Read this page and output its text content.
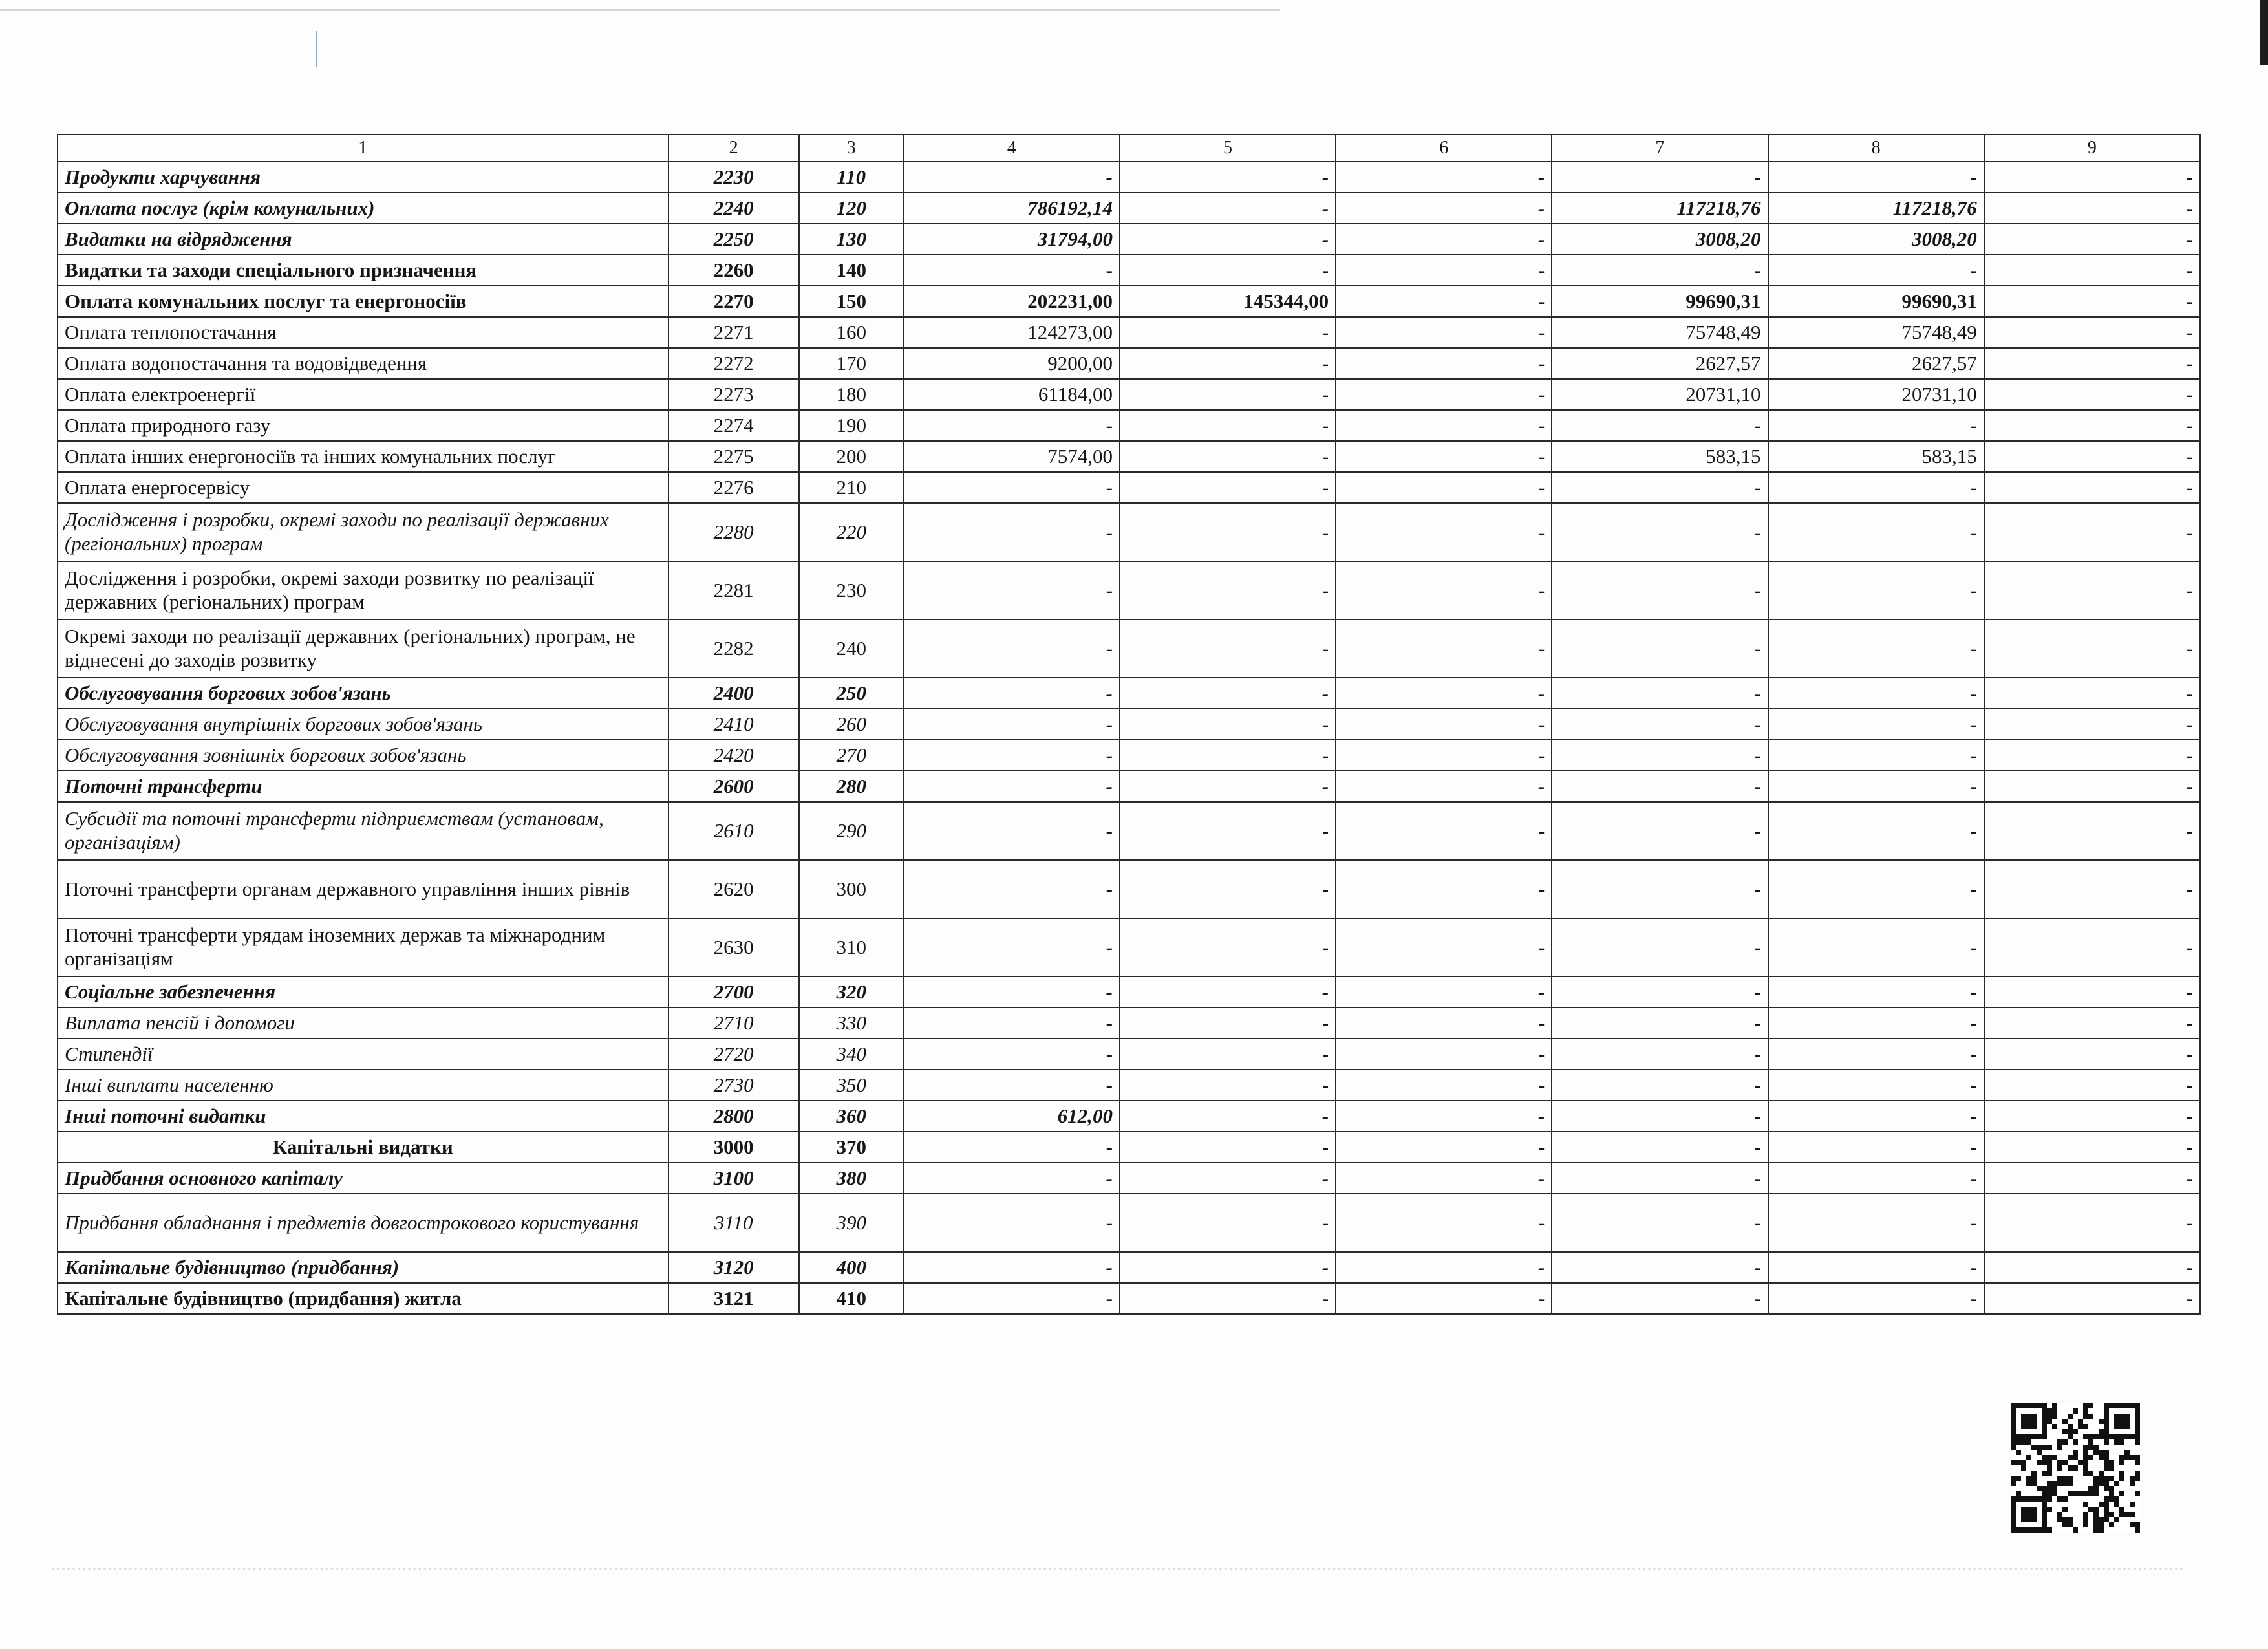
1	2	3	4	5	6	7	8	9
Продукти харчування	2230	110	-	-	-	-	-	-
Оплата послуг (крім комунальних)	2240	120	786192,14	-	-	117218,76	117218,76	-
Видатки на відрядження	2250	130	31794,00	-	-	3008,20	3008,20	-
Видатки та заходи спеціального призначення	2260	140	-	-	-	-	-	-
Оплата комунальних послуг та енергоносіїв	2270	150	202231,00	145344,00	-	99690,31	99690,31	-
Оплата теплопостачання	2271	160	124273,00	-	-	75748,49	75748,49	-
Оплата водопостачання та водовідведення	2272	170	9200,00	-	-	2627,57	2627,57	-
Оплата електроенергії	2273	180	61184,00	-	-	20731,10	20731,10	-
Оплата природного газу	2274	190	-	-	-	-	-	-
Оплата інших енергоносіїв та інших комунальних послуг	2275	200	7574,00	-	-	583,15	583,15	-
Оплата енергосервісу	2276	210	-	-	-	-	-	-
Дослідження і розробки, окремі заходи по реалізації державних (регіональних) програм	2280	220	-	-	-	-	-	-
Дослідження і розробки, окремі заходи розвитку по реалізації державних (регіональних) програм	2281	230	-	-	-	-	-	-
Окремі заходи по реалізації державних (регіональних) програм, не віднесені до заходів розвитку	2282	240	-	-	-	-	-	-
Обслуговування боргових зобов'язань	2400	250	-	-	-	-	-	-
Обслуговування внутрішніх боргових зобов'язань	2410	260	-	-	-	-	-	-
Обслуговування зовнішніх боргових зобов'язань	2420	270	-	-	-	-	-	-
Поточні трансферти	2600	280	-	-	-	-	-	-
Субсидії та поточні трансферти підприємствам (установам, організаціям)	2610	290	-	-	-	-	-	-
Поточні трансферти органам державного управління інших рівнів	2620	300	-	-	-	-	-	-
Поточні трансферти урядам іноземних держав та міжнародним організаціям	2630	310	-	-	-	-	-	-
Соціальне забезпечення	2700	320	-	-	-	-	-	-
Виплата пенсій і допомоги	2710	330	-	-	-	-	-	-
Стипендії	2720	340	-	-	-	-	-	-
Інші виплати населенню	2730	350	-	-	-	-	-	-
Інші поточні видатки	2800	360	612,00	-	-	-	-	-
Капітальні видатки	3000	370	-	-	-	-	-	-
Придбання основного капіталу	3100	380	-	-	-	-	-	-
Придбання обладнання і предметів довгострокового користування	3110	390	-	-	-	-	-	-
Капітальне будівництво (придбання)	3120	400	-	-	-	-	-	-
Капітальне будівництво (придбання) житла	3121	410	-	-	-	-	-	-
